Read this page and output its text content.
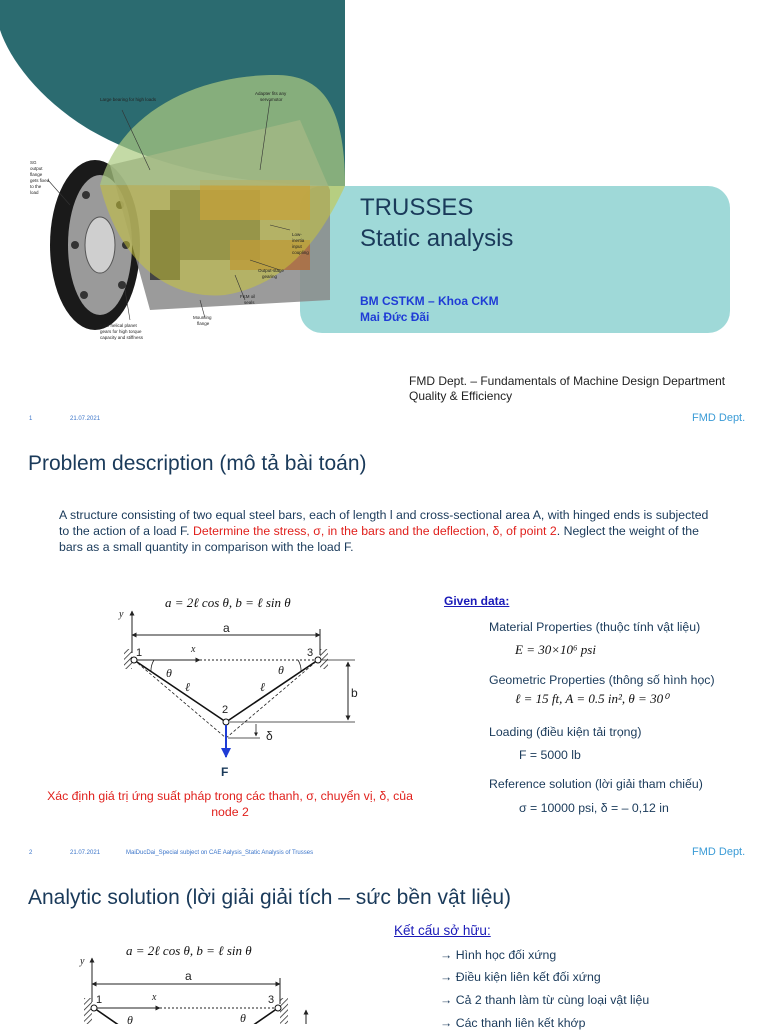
SG
output
flange
gets fixed
to the
load
Large bearing for high loads
Adapter fits any
servomotor
Low-
inertia
input
coupling
Output-stage
gearing
FKM oil
seals
Mounting
flange
Four helical planet
gears for high torque
capacity and stiffness
TRUSSES
Static analysis
BM CSTKM – Khoa CKM
Mai Đức Đãi
FMD Dept. – Fundamentals of Machine Design Department
Quality & Efficiency
1	21.07.2021	FMD Dept.
Problem description (mô tả bài toán)
A structure consisting of two equal steel bars, each of length l and cross-sectional area A, with hinged ends is subjected to the action of a load F. Determine the stress, σ, in the bars and the deflection, δ, of point 2. Neglect the weight of the bars as a small quantity in comparison with the load F.
a = 2ℓ cos θ, b = ℓ sin θ
y
a
x
1	3
2
θ	θ
ℓ	ℓ	b
δ
F
Xác định giá trị ứng suất pháp trong các thanh, σ, chuyển vị, δ, của node 2
Given data:
Material Properties (thuộc tính vật liệu)
E = 30×10⁶ psi
Geometric Properties (thông số hình học)
ℓ = 15 ft, A = 0.5 in², θ = 30⁰
Loading (điều kiện tải trọng)
F = 5000 lb
Reference solution (lời giải tham chiếu)
σ = 10000 psi, δ = – 0,12 in
2	21.07.2021	MaiDucDai_Special subject on CAE Aalysis_Static Analysis of Trusses	FMD Dept.
Analytic solution (lời giải giải tích – sức bền vật liệu)
a = 2ℓ cos θ, b = ℓ sin θ
y
a
x
1	3
θ	θ
Kết cấu sở hữu:
→ Hình học đối xứng
→ Điều kiện liên kết đối xứng
→ Cả 2 thanh làm từ cùng loại vật liệu
→ Các thanh liên kết khớp
